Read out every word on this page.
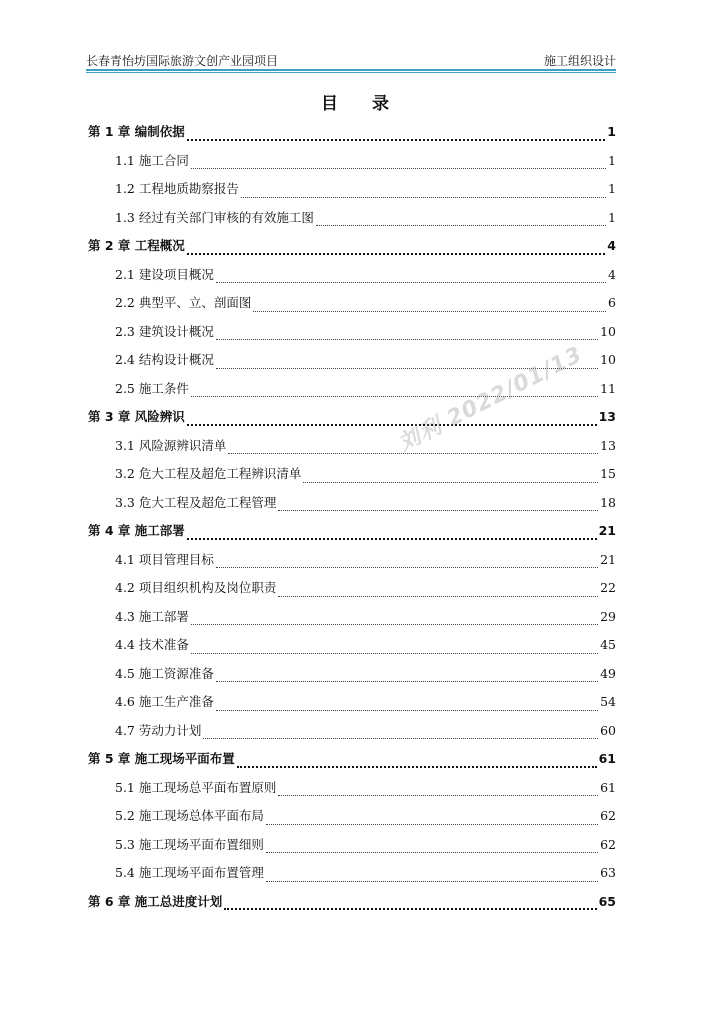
长春青怡坊国际旅游文创产业园项目	施工组织设计
目 录
第 1 章 编制依据	1
1.1 施工合同	1
1.2 工程地质勘察报告	1
1.3 经过有关部门审核的有效施工图	1
第 2 章 工程概况	4
2.1 建设项目概况	4
2.2 典型平、立、剖面图	6
2.3 建筑设计概况	10
2.4 结构设计概况	10
2.5 施工条件	11
第 3 章 风险辨识	13
3.1 风险源辨识清单	13
3.2 危大工程及超危工程辨识清单	15
3.3 危大工程及超危工程管理	18
第 4 章 施工部署	21
4.1 项目管理目标	21
4.2 项目组织机构及岗位职责	22
4.3 施工部署	29
4.4 技术准备	45
4.5 施工资源准备	49
4.6 施工生产准备	54
4.7 劳动力计划	60
第 5 章 施工现场平面布置	61
5.1 施工现场总平面布置原则	61
5.2 施工现场总体平面布局	62
5.3 施工现场平面布置细则	62
5.4 施工现场平面布置管理	63
第 6 章 施工总进度计划	65
刘利 2022/01/13
